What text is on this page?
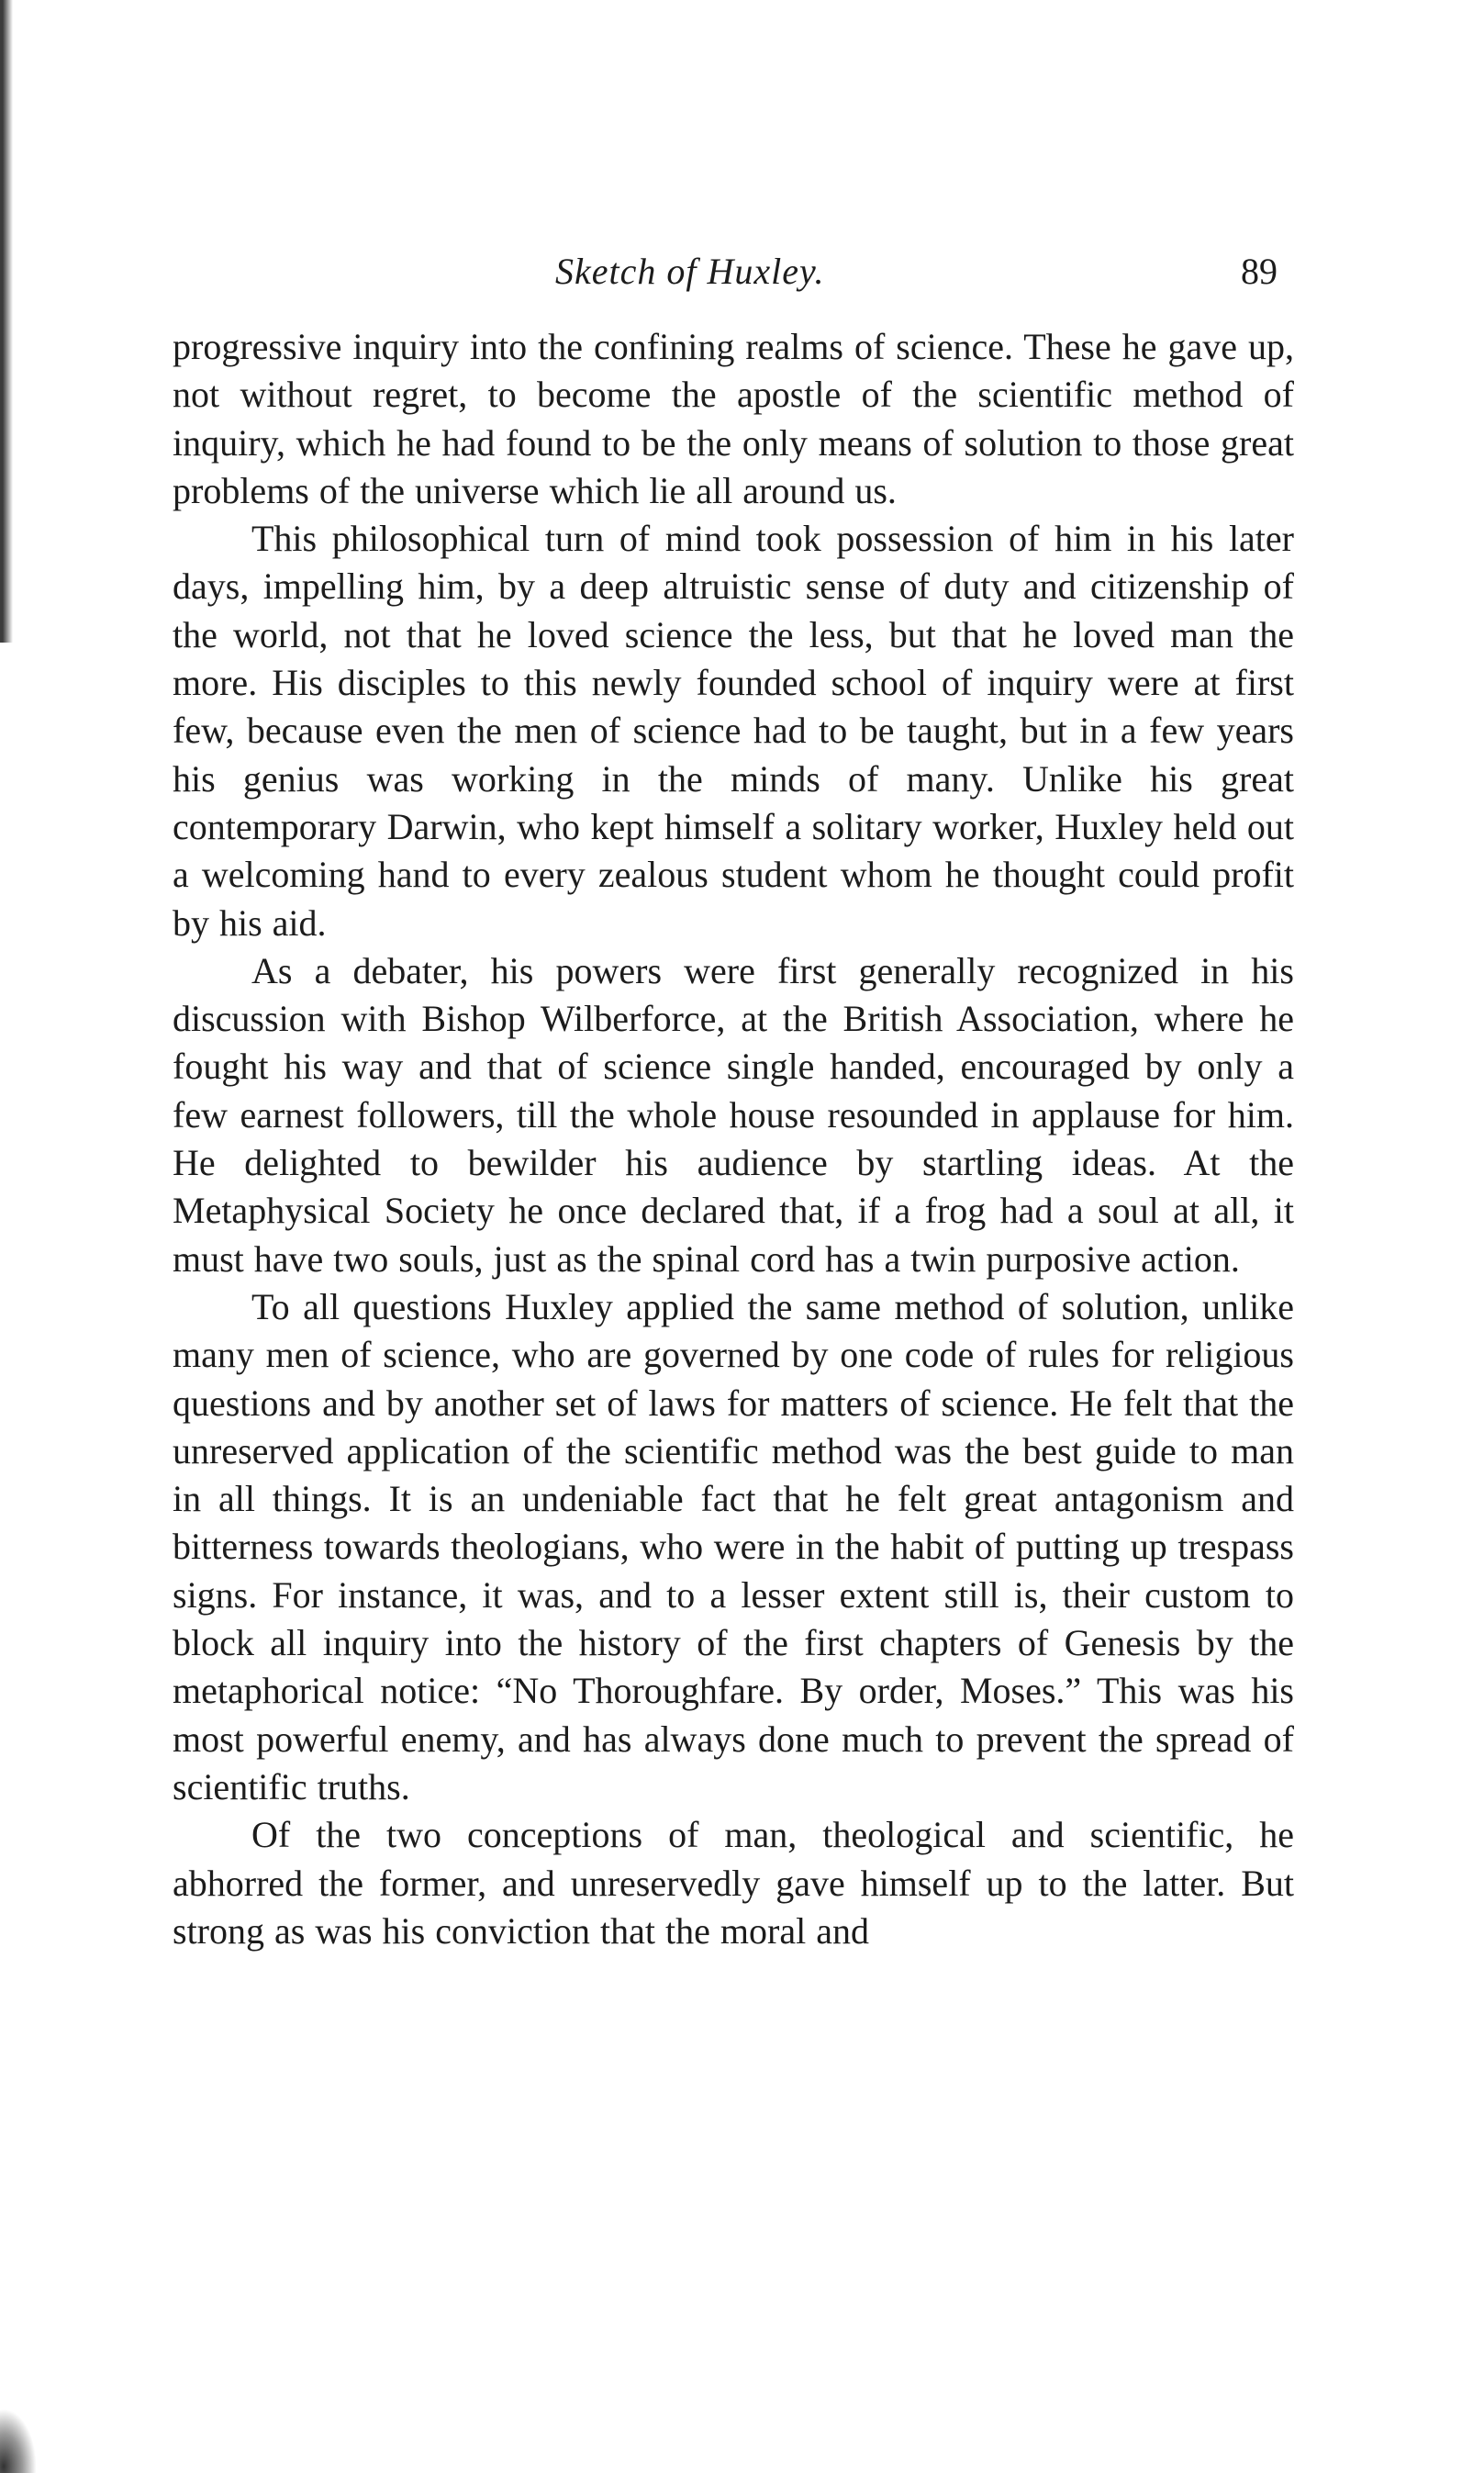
Sketch of Huxley.	89

progressive inquiry into the confining realms of science. These he gave up, not without regret, to become the apostle of the scientific method of inquiry, which he had found to be the only means of solution to those great problems of the universe which lie all around us.

This philosophical turn of mind took possession of him in his later days, impelling him, by a deep altruistic sense of duty and citizenship of the world, not that he loved science the less, but that he loved man the more. His disciples to this newly founded school of inquiry were at first few, because even the men of science had to be taught, but in a few years his genius was working in the minds of many. Unlike his great contemporary Darwin, who kept himself a solitary worker, Huxley held out a welcoming hand to every zealous student whom he thought could profit by his aid.

As a debater, his powers were first generally recognized in his discussion with Bishop Wilberforce, at the British Association, where he fought his way and that of science single handed, encouraged by only a few earnest followers, till the whole house resounded in applause for him. He delighted to bewilder his audience by startling ideas. At the Metaphysical Society he once declared that, if a frog had a soul at all, it must have two souls, just as the spinal cord has a twin purposive action.

To all questions Huxley applied the same method of solution, unlike many men of science, who are governed by one code of rules for religious questions and by another set of laws for matters of science. He felt that the unreserved application of the scientific method was the best guide to man in all things. It is an undeniable fact that he felt great antagonism and bitterness towards theologians, who were in the habit of putting up trespass signs. For instance, it was, and to a lesser extent still is, their custom to block all inquiry into the history of the first chapters of Genesis by the metaphorical notice: “No Thoroughfare. By order, Moses.” This was his most powerful enemy, and has always done much to prevent the spread of scientific truths.

Of the two conceptions of man, theological and scientific, he abhorred the former, and unreservedly gave himself up to the latter. But strong as was his conviction that the moral and
